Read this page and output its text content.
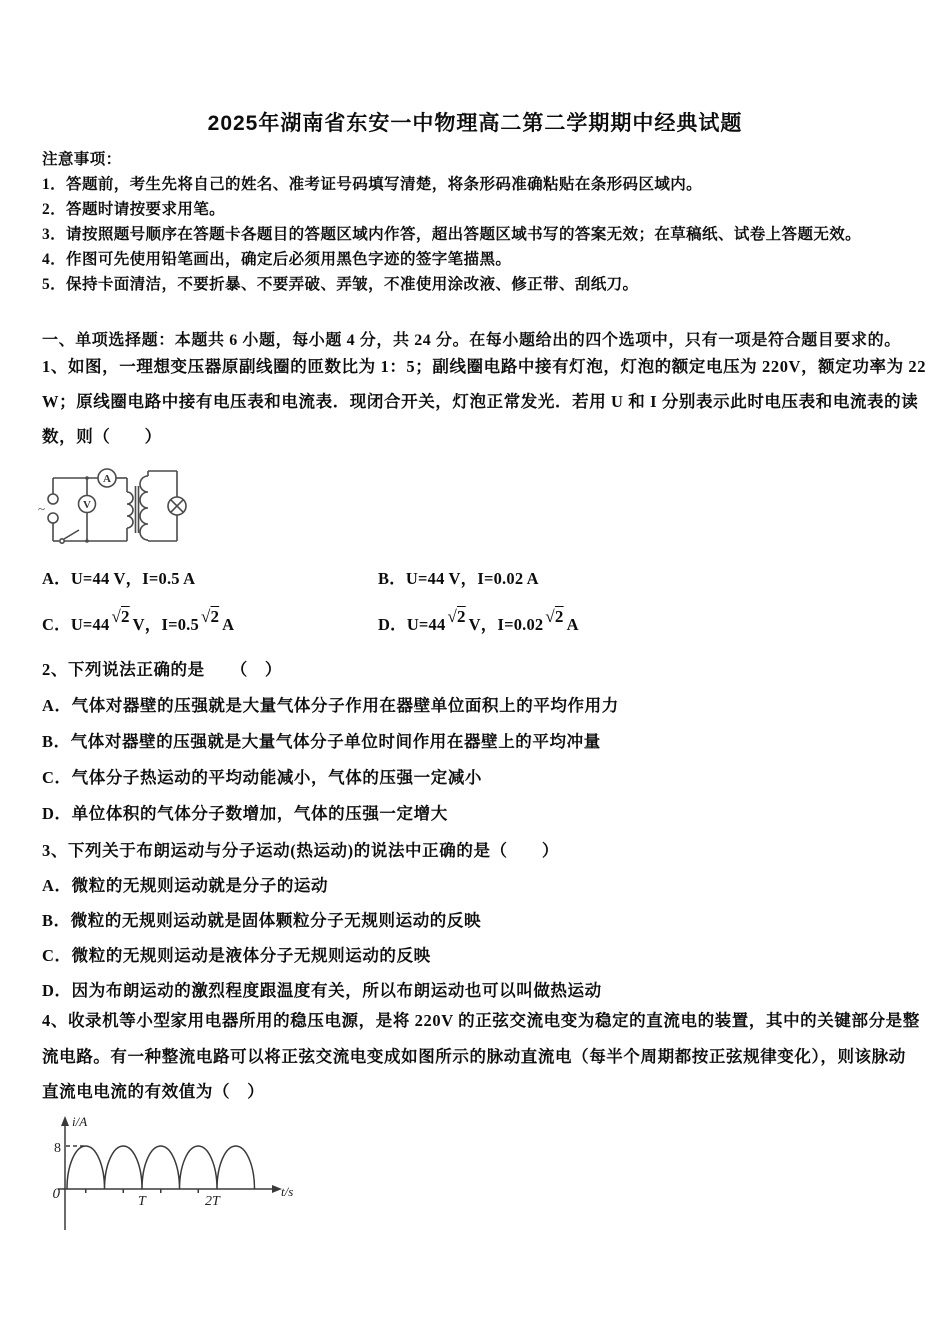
2025年湖南省东安一中物理高二第二学期期中经典试题
注意事项：
1．答题前，考生先将自己的姓名、准考证号码填写清楚，将条形码准确粘贴在条形码区域内。
2．答题时请按要求用笔。
3．请按照题号顺序在答题卡各题目的答题区域内作答，超出答题区域书写的答案无效；在草稿纸、试卷上答题无效。
4．作图可先使用铅笔画出，确定后必须用黑色字迹的签字笔描黑。
5．保持卡面清洁，不要折暴、不要弄破、弄皱，不准使用涂改液、修正带、刮纸刀。
一、单项选择题：本题共 6 小题，每小题 4 分，共 24 分。在每小题给出的四个选项中，只有一项是符合题目要求的。
1、如图，一理想变压器原副线圈的匝数比为 1：5；副线圈电路中接有灯泡，灯泡的额定电压为 220V，额定功率为 22
W；原线圈电路中接有电压表和电流表．现闭合开关，灯泡正常发光．若用 U 和 I 分别表示此时电压表和电流表的读
数，则（　　）
~
A
V
A．U=44 V，I=0.5 A	B．U=44 V，I=0.02 A
C．U=44 √2 V，I=0.5 √2 A	D．U=44 √2 V，I=0.02 √2 A
2、下列说法正确的是　　（　）
A．气体对器壁的压强就是大量气体分子作用在器壁单位面积上的平均作用力
B．气体对器壁的压强就是大量气体分子单位时间作用在器壁上的平均冲量
C．气体分子热运动的平均动能减小，气体的压强一定减小
D．单位体积的气体分子数增加，气体的压强一定增大
3、下列关于布朗运动与分子运动(热运动)的说法中正确的是（　　）
A．微粒的无规则运动就是分子的运动
B．微粒的无规则运动就是固体颗粒分子无规则运动的反映
C．微粒的无规则运动是液体分子无规则运动的反映
D．因为布朗运动的激烈程度跟温度有关，所以布朗运动也可以叫做热运动
4、收录机等小型家用电器所用的稳压电源，是将 220V 的正弦交流电变为稳定的直流电的装置，其中的关键部分是整
流电路。有一种整流电路可以将正弦交流电变成如图所示的脉动直流电（每半个周期都按正弦规律变化），则该脉动
直流电电流的有效值为（　）
i/A
t/s
8
0	T	2T
